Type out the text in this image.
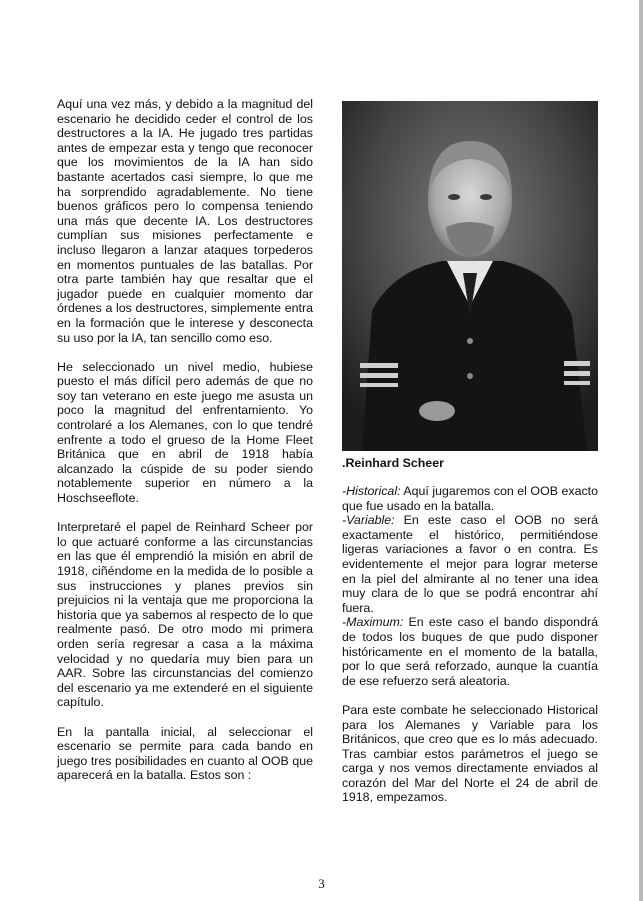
Aquí una vez más, y debido a la magnitud del escenario he decidido ceder el control de los destructores a la IA. He jugado tres partidas antes de empezar esta y tengo que reconocer que los movimientos de la IA han sido bastante acertados casi siempre, lo que me ha sorprendido agradablemente. No tiene buenos gráficos pero lo compensa teniendo una más que decente IA. Los destructores cumplían sus misiones perfectamente e incluso llegaron a lanzar ataques torpederos en momentos puntuales de las batallas. Por otra parte también hay que resaltar que el jugador puede en cualquier momento dar órdenes a los destructores, simplemente entra en la formación que le interese y desconecta su uso por la IA, tan sencillo como eso.

He seleccionado un nivel medio, hubiese puesto el más difícil pero además de que no soy tan veterano en este juego me asusta un poco la magnitud del enfrentamiento. Yo controlaré a los Alemanes, con lo que tendré enfrente a todo el grueso de la Home Fleet Británica que en abril de 1918 había alcanzado la cúspide de su poder siendo notablemente superior en número a la Hoschseeflote.

Interpretaré el papel de Reinhard Scheer por lo que actuaré conforme a las circunstancias en las que él emprendió la misión en abril de 1918, ciñéndome en la medida de lo posible a sus instrucciones y planes previos sin prejuicios ni la ventaja que me proporciona la historia que ya sabemos al respecto de lo que realmente pasó. De otro modo mi primera orden sería regresar a casa a la máxima velocidad y no quedaría muy bien para un AAR. Sobre las circunstancias del comienzo del escenario ya me extenderé en el siguiente capítulo.

En la pantalla inicial, al seleccionar el escenario se permite para cada bando en juego tres posibilidades en cuanto al OOB que aparecerá en la batalla. Estos son :

.Reinhard Scheer

-Historical: Aquí jugaremos con el OOB exacto que fue usado en la batalla.

-Variable: En este caso el OOB no será exactamente el histórico, permitiéndose ligeras variaciones a favor o en contra. Es evidentemente el mejor para lograr meterse en la piel del almirante al no tener una idea muy clara de lo que se podrá encontrar ahí fuera.

-Maximum: En este caso el bando dispondrá de todos los buques de que pudo disponer históricamente en el momento de la batalla, por lo que será reforzado, aunque la cuantía de ese refuerzo será aleatoria.

Para este combate he seleccionado Historical para los Alemanes y Variable para los Británicos, que creo que es lo más adecuado. Tras cambiar estos parámetros el juego se carga y nos vemos directamente enviados al corazón del Mar del Norte el 24 de abril de 1918, empezamos.

3
